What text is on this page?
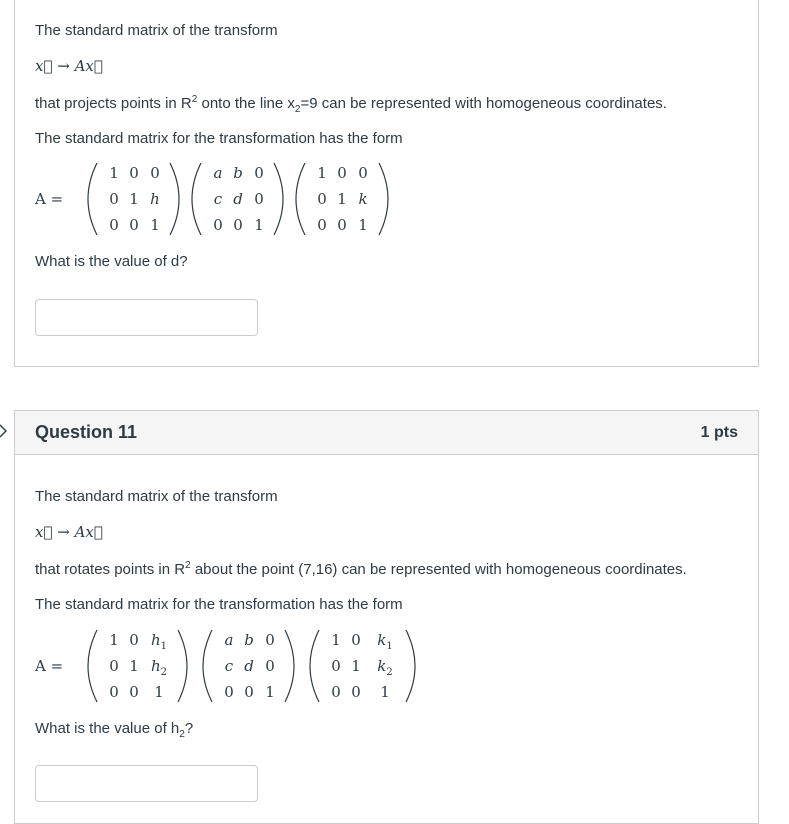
The standard matrix of the transform
x⃗ → Ax⃗
that projects points in $R^2$ onto the line $x_2=9$ can be represented with homogeneous coordinates.
The standard matrix for the transformation has the form
A =
1 0 0
0 1 h
0 0 1
a b 0
c d 0
0 0 1
1 0 0
0 1 k
0 0 1
What is the value of d?
Question 11	1 pts
The standard matrix of the transform
x⃗ → Ax⃗
that rotates points in $R^2$ about the point (7,16) can be represented with homogeneous coordinates.
The standard matrix for the transformation has the form
A =
1 0 $h_1$
0 1 $h_2$
0 0 1
a b 0
c d 0
0 0 1
1 0 $k_1$
0 1 $k_2$
0 0 1
What is the value of $h_2$?
